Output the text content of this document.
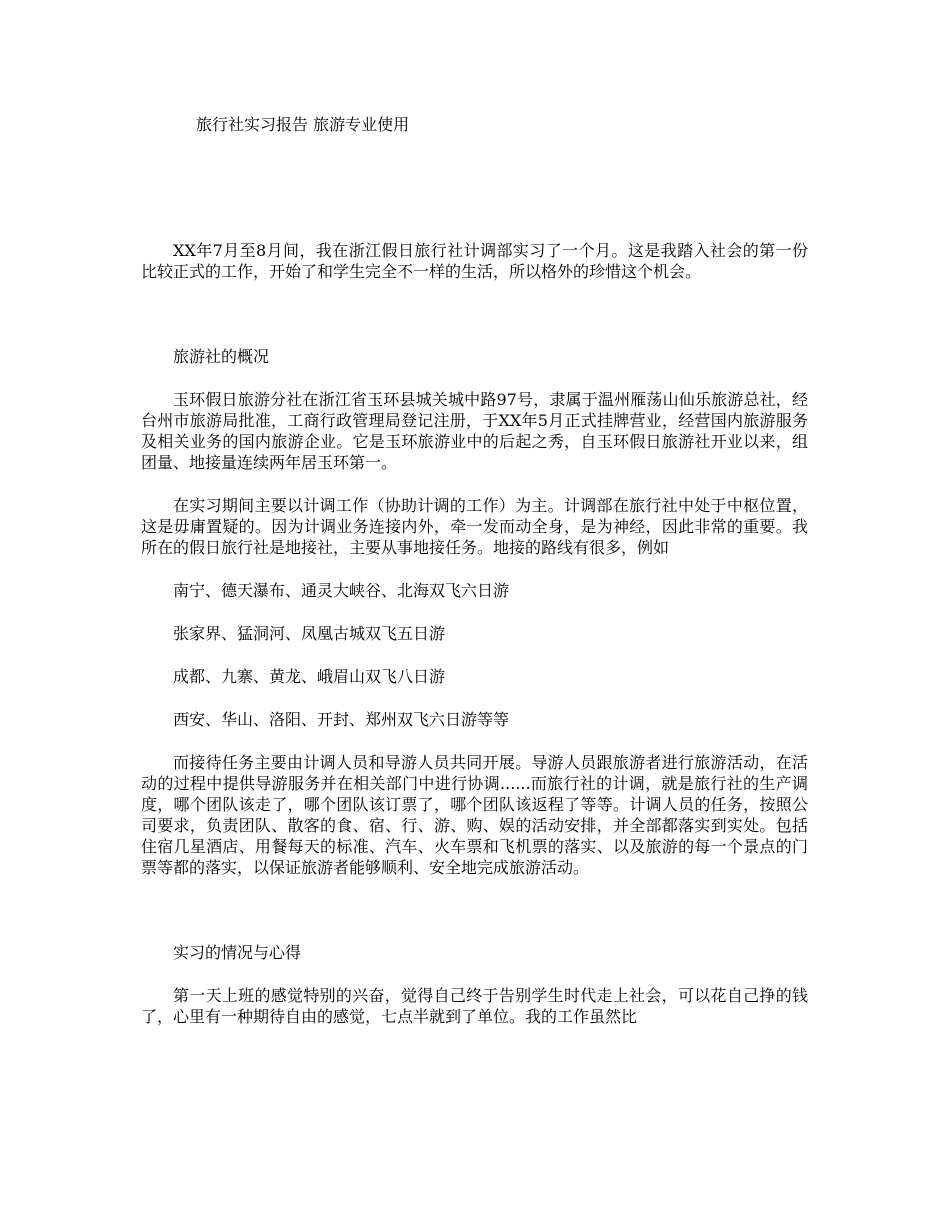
旅行社实习报告 旅游专业使用

XX年7月至8月间，我在浙江假日旅行社计调部实习了一个月。这是我踏入社会的第一份比较正式的工作，开始了和学生完全不一样的生活，所以格外的珍惜这个机会。

旅游社的概况

玉环假日旅游分社在浙江省玉环县城关城中路97号，隶属于温州雁荡山仙乐旅游总社，经台州市旅游局批准，工商行政管理局登记注册，于XX年5月正式挂牌营业，经营国内旅游服务及相关业务的国内旅游企业。它是玉环旅游业中的后起之秀，自玉环假日旅游社开业以来，组团量、地接量连续两年居玉环第一。

在实习期间主要以计调工作（协助计调的工作）为主。计调部在旅行社中处于中枢位置，这是毋庸置疑的。因为计调业务连接内外，牵一发而动全身，是为神经，因此非常的重要。我所在的假日旅行社是地接社，主要从事地接任务。地接的路线有很多，例如

南宁、德天瀑布、通灵大峡谷、北海双飞六日游

张家界、猛洞河、凤凰古城双飞五日游

成都、九寨、黄龙、峨眉山双飞八日游

西安、华山、洛阳、开封、郑州双飞六日游等等

而接待任务主要由计调人员和导游人员共同开展。导游人员跟旅游者进行旅游活动，在活动的过程中提供导游服务并在相关部门中进行协调......而旅行社的计调，就是旅行社的生产调度，哪个团队该走了，哪个团队该订票了，哪个团队该返程了等等。计调人员的任务，按照公司要求，负责团队、散客的食、宿、行、游、购、娱的活动安排，并全部都落实到实处。包括住宿几星酒店、用餐每天的标准、汽车、火车票和飞机票的落实、以及旅游的每一个景点的门票等都的落实，以保证旅游者能够顺利、安全地完成旅游活动。

实习的情况与心得

第一天上班的感觉特别的兴奋，觉得自己终于告别学生时代走上社会，可以花自己挣的钱了，心里有一种期待自由的感觉，七点半就到了单位。我的工作虽然比
